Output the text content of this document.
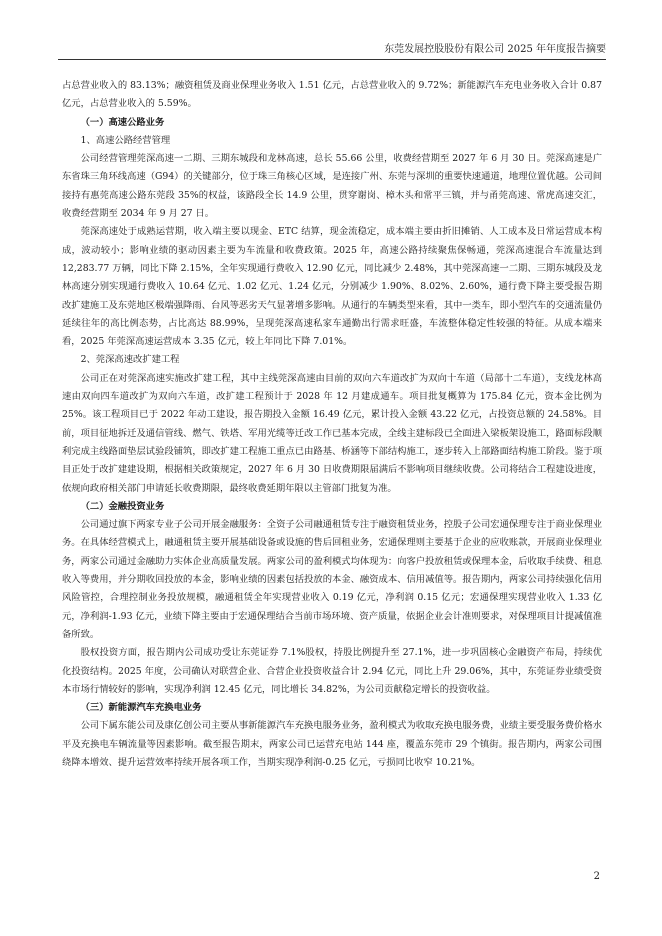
东莞发展控股股份有限公司 2025 年年度报告摘要

占总营业收入的 83.13%；融资租赁及商业保理业务收入 1.51 亿元，占总营业收入的 9.72%；新能源汽车充电业务收入合计 0.87 亿元，占总营业收入的 5.59%。

（一）高速公路业务

1、高速公路经营管理

公司经营管理莞深高速一二期、三期东城段和龙林高速，总长 55.66 公里，收费经营期至 2027 年 6 月 30 日。莞深高速是广东省珠三角环线高速（G94）的关键部分，位于珠三角核心区域，是连接广州、东莞与深圳的重要快速通道，地理位置优越。公司间接持有惠莞高速公路东莞段 35%的权益，该路段全长 14.9 公里，贯穿谢岗、樟木头和常平三镇，并与甬莞高速、常虎高速交汇，收费经营期至 2034 年 9 月 27 日。

莞深高速处于成熟运营期，收入端主要以现金、ETC 结算，现金流稳定，成本端主要由折旧摊销、人工成本及日常运营成本构成，波动较小；影响业绩的驱动因素主要为车流量和收费政策。2025 年，高速公路持续聚焦保畅通，莞深高速混合车流量达到 12,283.77 万辆，同比下降 2.15%，全年实现通行费收入 12.90 亿元，同比减少 2.48%，其中莞深高速一二期、三期东城段及龙林高速分别实现通行费收入 10.64 亿元、1.02 亿元、1.24 亿元，分别减少 1.90%、8.02%、2.60%，通行费下降主要受报告期改扩建施工及东莞地区极端强降雨、台风等恶劣天气显著增多影响。从通行的车辆类型来看，其中一类车，即小型汽车的交通流量仍延续往年的高比例态势，占比高达 88.99%，呈现莞深高速私家车通勤出行需求旺盛，车流整体稳定性较强的特征。从成本端来看，2025 年莞深高速运营成本 3.35 亿元，较上年同比下降 7.01%。

2、莞深高速改扩建工程

公司正在对莞深高速实施改扩建工程，其中主线莞深高速由目前的双向六车道改扩为双向十车道（局部十二车道），支线龙林高速由双向四车道改扩为双向六车道，改扩建工程预计于 2028 年 12 月建成通车。项目批复概算为 175.84 亿元，资本金比例为 25%。该工程项目已于 2022 年动工建设，报告期投入金额 16.49 亿元，累计投入金额 43.22 亿元，占投资总额的 24.58%。目前，项目征地拆迁及通信管线、燃气、铁塔、军用光缆等迁改工作已基本完成，全线主建标段已全面进入梁板架设施工，路面标段顺利完成主线路面垫层试验段铺筑，即改扩建工程施工重点已由路基、桥涵等下部结构施工，逐步转入上部路面结构施工阶段。鉴于项目正处于改扩建建设期，根据相关政策规定，2027 年 6 月 30 日收费期限届满后不影响项目继续收费。公司将结合工程建设进度，依规向政府相关部门申请延长收费期限，最终收费延期年限以主管部门批复为准。

（二）金融投资业务

公司通过旗下两家专业子公司开展金融服务：全资子公司融通租赁专注于融资租赁业务，控股子公司宏通保理专注于商业保理业务。在具体经营模式上，融通租赁主要开展基础设备或设施的售后回租业务，宏通保理则主要基于企业的应收账款，开展商业保理业务，两家公司通过金融助力实体企业高质量发展。两家公司的盈利模式均体现为：向客户投放租赁或保理本金，后收取手续费、租息收入等费用，并分期收回投放的本金，影响业绩的因素包括投放的本金、融资成本、信用减值等。报告期内，两家公司持续强化信用风险管控，合理控制业务投放规模，融通租赁全年实现营业收入 0.19 亿元，净利润 0.15 亿元；宏通保理实现营业收入 1.33 亿元，净利润-1.93 亿元，业绩下降主要由于宏通保理结合当前市场环境、资产质量，依据企业会计准则要求，对保理项目计提减值准备所致。

股权投资方面，报告期内公司成功受让东莞证券 7.1%股权，持股比例提升至 27.1%，进一步巩固核心金融资产布局，持续优化投资结构。2025 年度，公司确认对联营企业、合营企业投资收益合计 2.94 亿元，同比上升 29.06%，其中，东莞证券业绩受资本市场行情较好的影响，实现净利润 12.45 亿元，同比增长 34.82%，为公司贡献稳定增长的投资收益。

（三）新能源汽车充换电业务

公司下属东能公司及康亿创公司主要从事新能源汽车充换电服务业务，盈利模式为收取充换电服务费，业绩主要受服务费价格水平及充换电车辆流量等因素影响。截至报告期末，两家公司已运营充电站 144 座，覆盖东莞市 29 个镇街。报告期内，两家公司围绕降本增效、提升运营效率持续开展各项工作，当期实现净利润-0.25 亿元，亏损同比收窄 10.21%。

2
